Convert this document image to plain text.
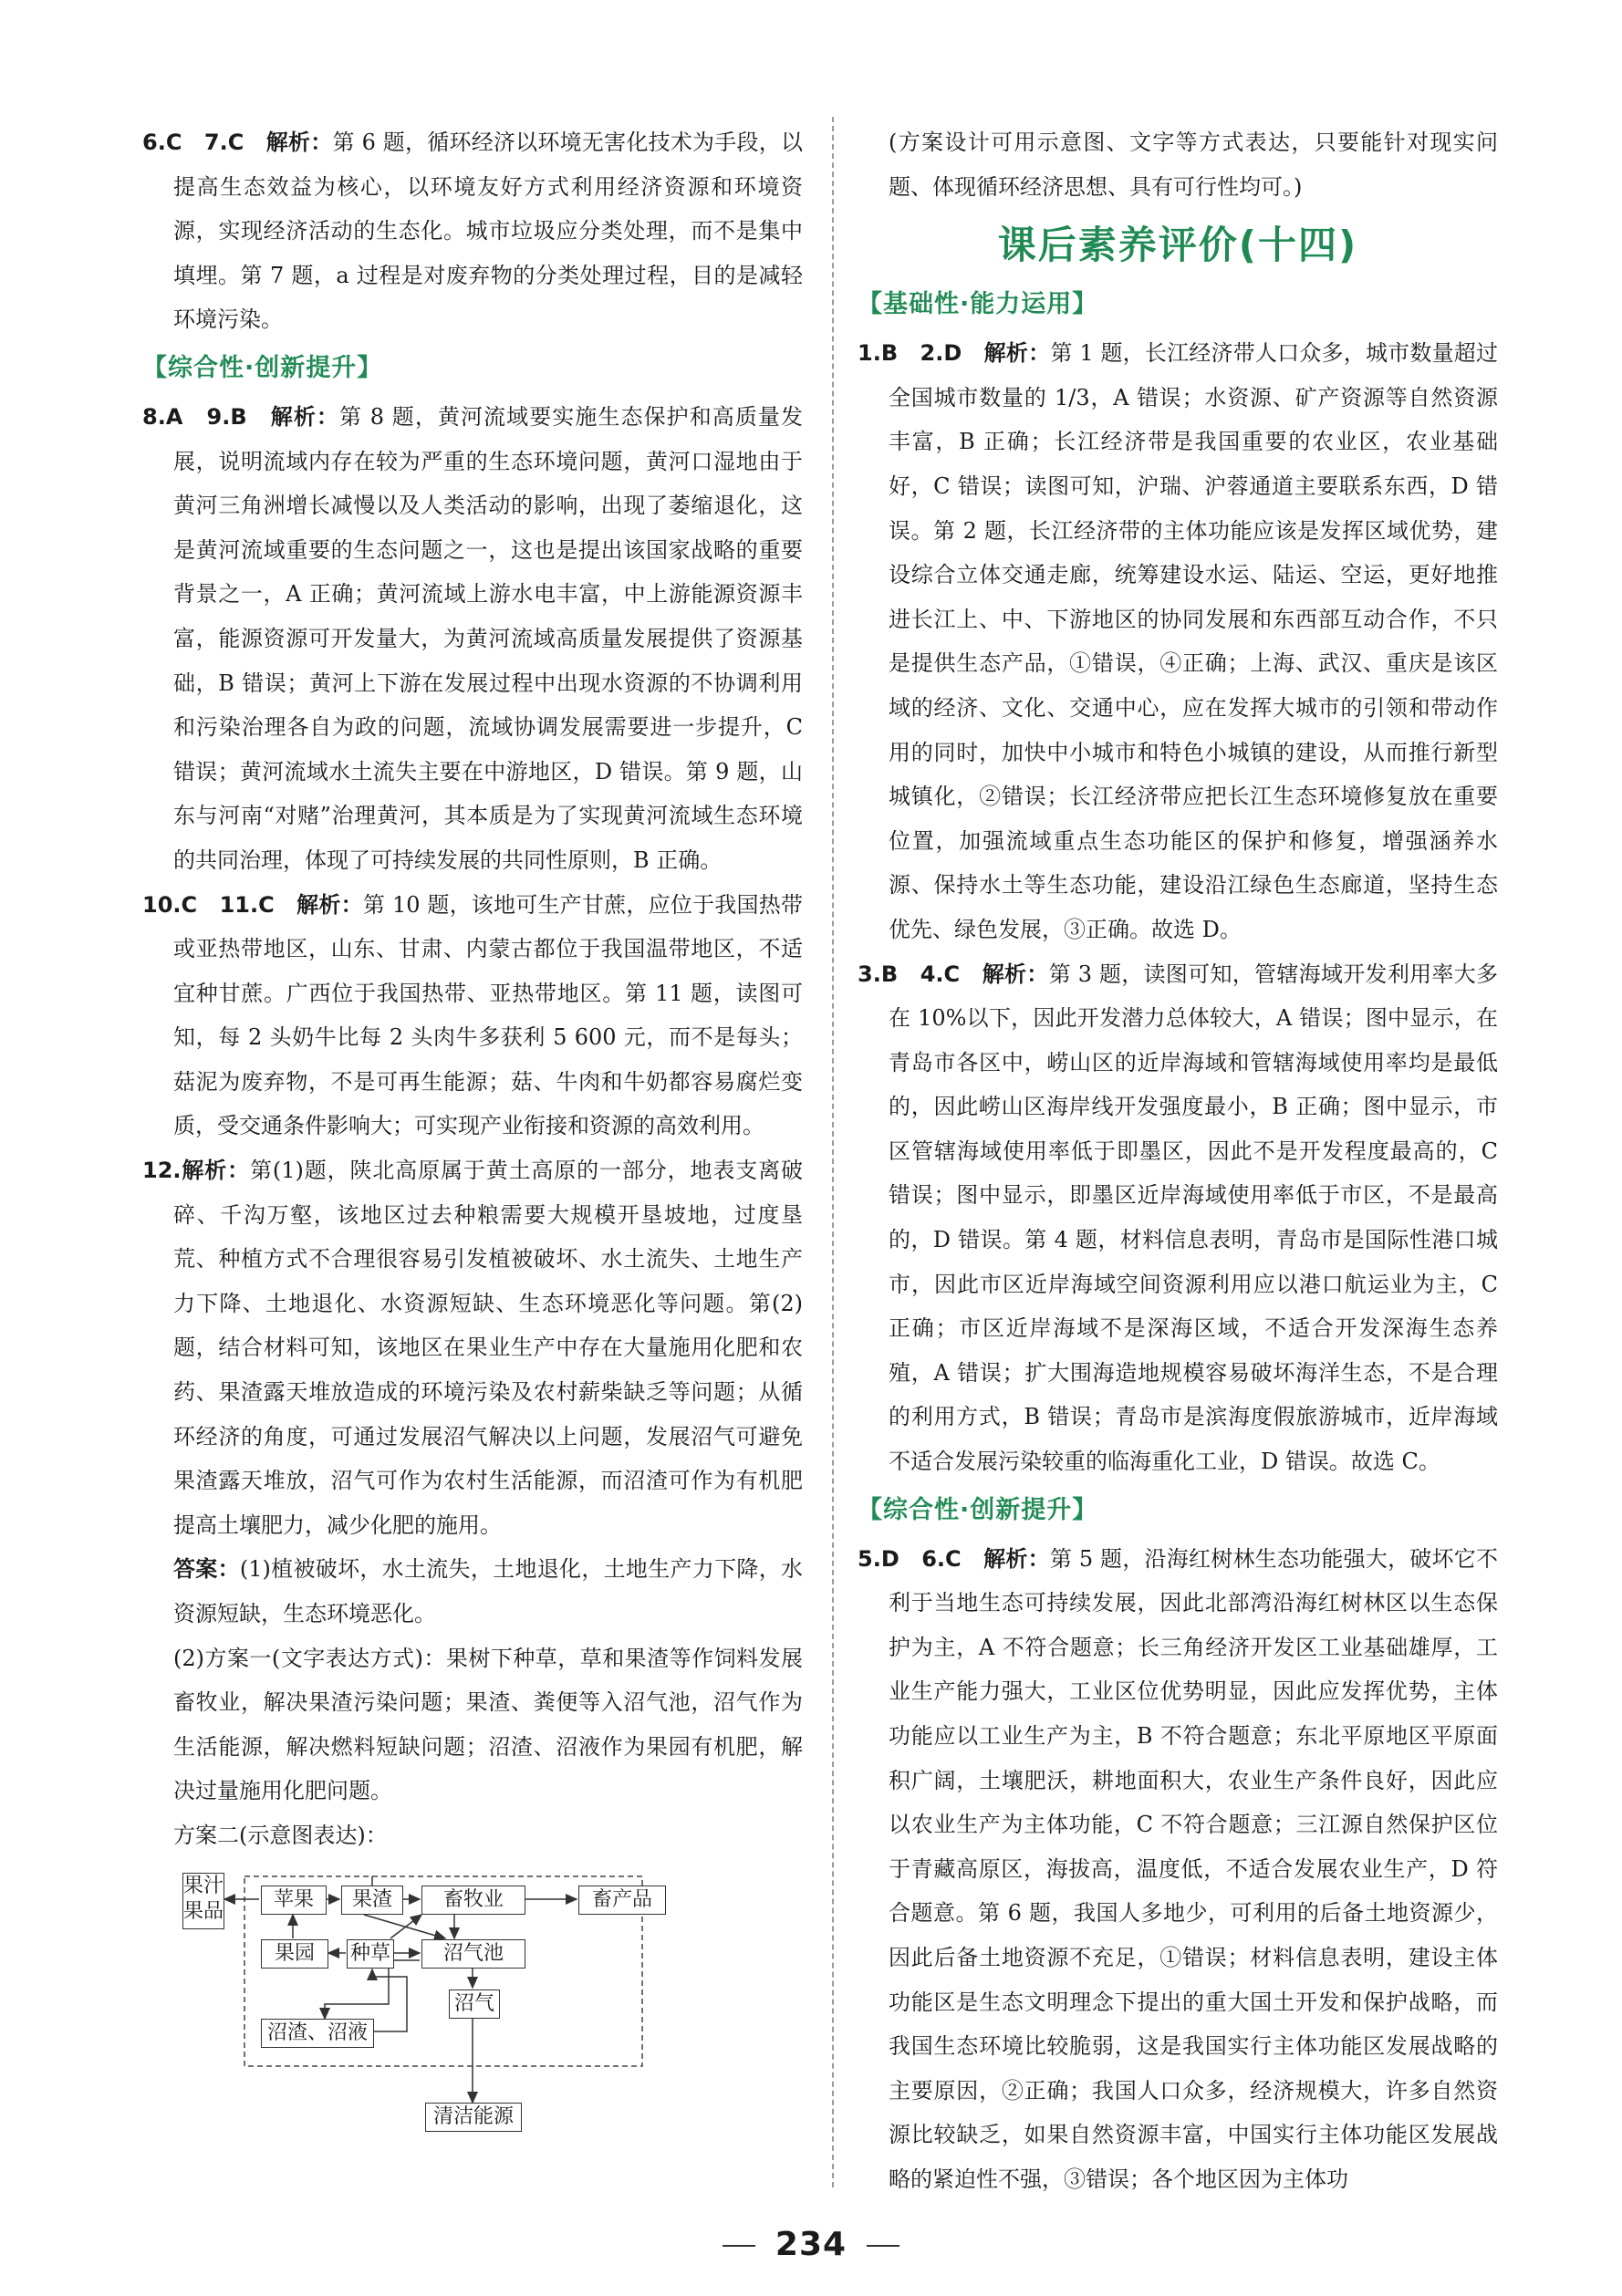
6.C　7.C　解析：第 6 题，循环经济以环境无害化技术为手段，以提高生态效益为核心，以环境友好方式利用经济资源和环境资源，实现经济活动的生态化。城市垃圾应分类处理，而不是集中填埋。第 7 题，a 过程是对废弃物的分类处理过程，目的是减轻环境污染。

【综合性·创新提升】

8.A　9.B　解析：第 8 题，黄河流域要实施生态保护和高质量发展，说明流域内存在较为严重的生态环境问题，黄河口湿地由于黄河三角洲增长减慢以及人类活动的影响，出现了萎缩退化，这是黄河流域重要的生态问题之一，这也是提出该国家战略的重要背景之一，A 正确；黄河流域上游水电丰富，中上游能源资源丰富，能源资源可开发量大，为黄河流域高质量发展提供了资源基础，B 错误；黄河上下游在发展过程中出现水资源的不协调利用和污染治理各自为政的问题，流域协调发展需要进一步提升，C 错误；黄河流域水土流失主要在中游地区，D 错误。第 9 题，山东与河南“对赌”治理黄河，其本质是为了实现黄河流域生态环境的共同治理，体现了可持续发展的共同性原则，B 正确。

10.C　11.C　解析：第 10 题，该地可生产甘蔗，应位于我国热带或亚热带地区，山东、甘肃、内蒙古都位于我国温带地区，不适宜种甘蔗。广西位于我国热带、亚热带地区。第 11 题，读图可知，每 2 头奶牛比每 2 头肉牛多获利 5 600 元，而不是每头；菇泥为废弃物，不是可再生能源；菇、牛肉和牛奶都容易腐烂变质，受交通条件影响大；可实现产业衔接和资源的高效利用。

12.解析：第(1)题，陕北高原属于黄土高原的一部分，地表支离破碎、千沟万壑，该地区过去种粮需要大规模开垦坡地，过度垦荒、种植方式不合理很容易引发植被破坏、水土流失、土地生产力下降、土地退化、水资源短缺、生态环境恶化等问题。第(2)题，结合材料可知，该地区在果业生产中存在大量施用化肥和农药、果渣露天堆放造成的环境污染及农村薪柴缺乏等问题；从循环经济的角度，可通过发展沼气解决以上问题，发展沼气可避免果渣露天堆放，沼气可作为农村生活能源，而沼渣可作为有机肥提高土壤肥力，减少化肥的施用。

答案：(1)植被破坏，水土流失，土地退化，土地生产力下降，水资源短缺，生态环境恶化。

(2)方案一(文字表达方式)：果树下种草，草和果渣等作饲料发展畜牧业，解决果渣污染问题；果渣、粪便等入沼气池，沼气作为生活能源，解决燃料短缺问题；沼渣、沼液作为果园有机肥，解决过量施用化肥问题。

方案二(示意图表达)：

果汁果品
苹果	果渣	畜牧业	畜产品
果园	种草	沼气池
沼气
沼渣、沼液
清洁能源

(方案设计可用示意图、文字等方式表达，只要能针对现实问题、体现循环经济思想、具有可行性均可。)

课后素养评价(十四)
【基础性·能力运用】

1.B　2.D　解析：第 1 题，长江经济带人口众多，城市数量超过全国城市数量的 1/3，A 错误；水资源、矿产资源等自然资源丰富，B 正确；长江经济带是我国重要的农业区，农业基础好，C 错误；读图可知，沪瑞、沪蓉通道主要联系东西，D 错误。第 2 题，长江经济带的主体功能应该是发挥区域优势，建设综合立体交通走廊，统筹建设水运、陆运、空运，更好地推进长江上、中、下游地区的协同发展和东西部互动合作，不只是提供生态产品，①错误，④正确；上海、武汉、重庆是该区域的经济、文化、交通中心，应在发挥大城市的引领和带动作用的同时，加快中小城市和特色小城镇的建设，从而推行新型城镇化，②错误；长江经济带应把长江生态环境修复放在重要位置，加强流域重点生态功能区的保护和修复，增强涵养水源、保持水土等生态功能，建设沿江绿色生态廊道，坚持生态优先、绿色发展，③正确。故选 D。

3.B　4.C　解析：第 3 题，读图可知，管辖海域开发利用率大多在 10%以下，因此开发潜力总体较大，A 错误；图中显示，在青岛市各区中，崂山区的近岸海域和管辖海域使用率均是最低的，因此崂山区海岸线开发强度最小，B 正确；图中显示，市区管辖海域使用率低于即墨区，因此不是开发程度最高的，C 错误；图中显示，即墨区近岸海域使用率低于市区，不是最高的，D 错误。第 4 题，材料信息表明，青岛市是国际性港口城市，因此市区近岸海域空间资源利用应以港口航运业为主，C 正确；市区近岸海域不是深海区域，不适合开发深海生态养殖，A 错误；扩大围海造地规模容易破坏海洋生态，不是合理的利用方式，B 错误；青岛市是滨海度假旅游城市，近岸海域不适合发展污染较重的临海重化工业，D 错误。故选 C。

【综合性·创新提升】

5.D　6.C　解析：第 5 题，沿海红树林生态功能强大，破坏它不利于当地生态可持续发展，因此北部湾沿海红树林区以生态保护为主，A 不符合题意；长三角经济开发区工业基础雄厚，工业生产能力强大，工业区位优势明显，因此应发挥优势，主体功能应以工业生产为主，B 不符合题意；东北平原地区平原面积广阔，土壤肥沃，耕地面积大，农业生产条件良好，因此应以农业生产为主体功能，C 不符合题意；三江源自然保护区位于青藏高原区，海拔高，温度低，不适合发展农业生产，D 符合题意。第 6 题，我国人多地少，可利用的后备土地资源少，因此后备土地资源不充足，①错误；材料信息表明，建设主体功能区是生态文明理念下提出的重大国土开发和保护战略，而我国生态环境比较脆弱，这是我国实行主体功能区发展战略的主要原因，②正确；我国人口众多，经济规模大，许多自然资源比较缺乏，如果自然资源丰富，中国实行主体功能区发展战略的紧迫性不强，③错误；各个地区因为主体功

234
